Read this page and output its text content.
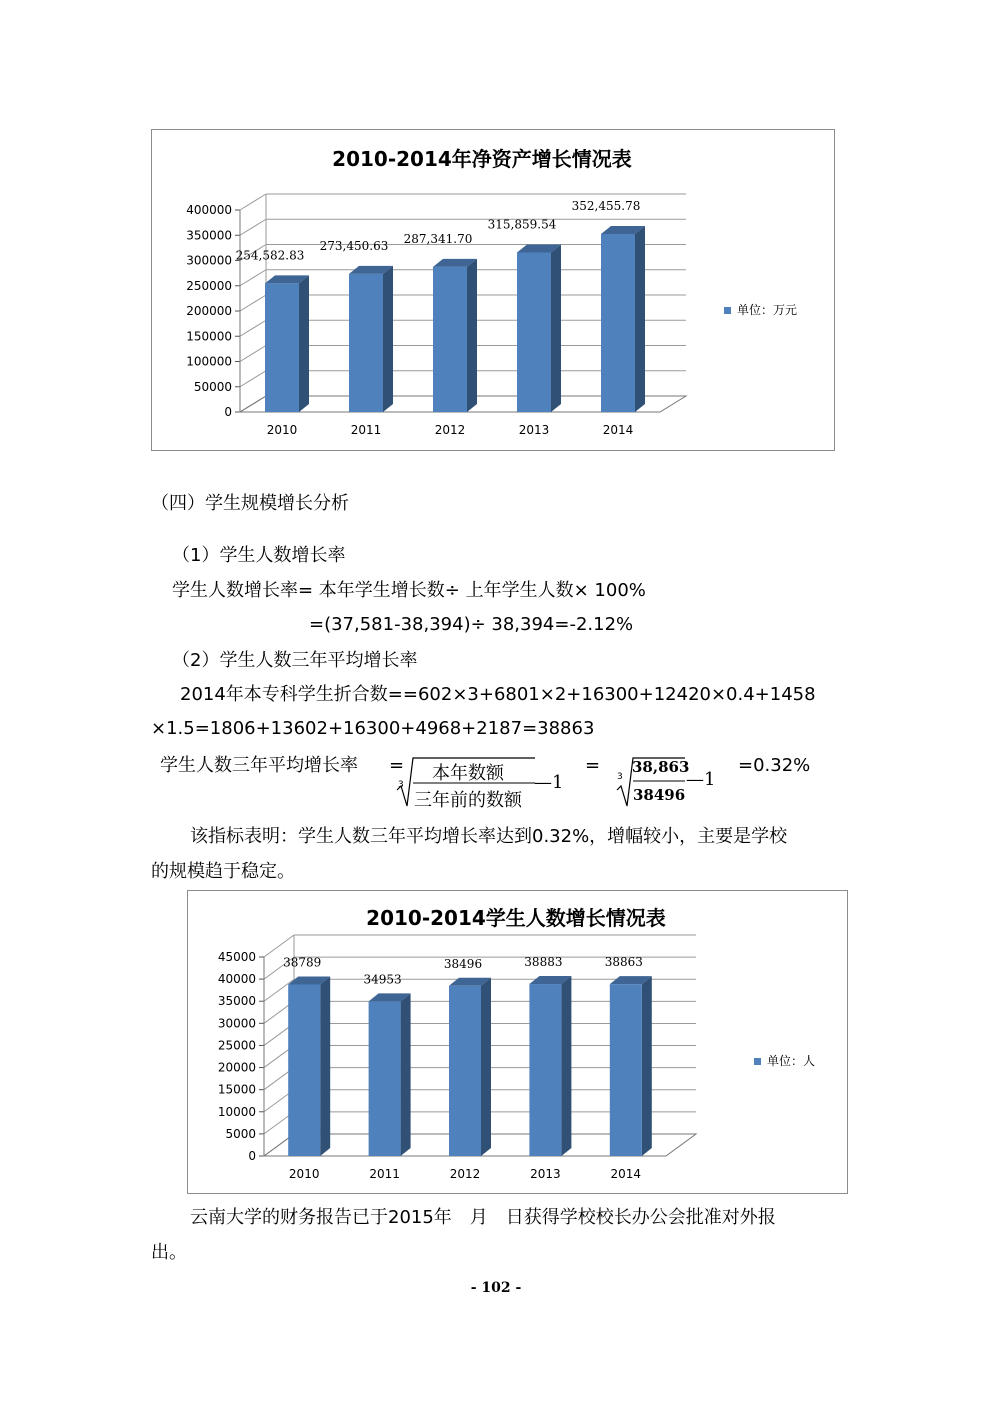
2010-2014年净资产增长情况表
0
50000
100000
150000
200000
250000
300000
350000
400000
254,582.83
2010
273,450.63
2011
287,341.70
2012
315,859.54
2013
352,455.78
2014
单位：万元
（四）学生规模增长分析
（1）学生人数增长率
学生人数增长率= 本年学生增长数÷ 上年学生人数× 100%
=(37,581-38,394)÷ 38,394=-2.12%
（2）学生人数三年平均增长率
2014年本专科学生折合数==602×3+6801×2+16300+12420×0.4+1458
×1.5=1806+13602+16300+4968+2187=38863
学生人数三年平均增长率 =
3
本年数额
三年前的数额
—1
=
3
38,863
38496
—1
=0.32%
该指标表明：学生人数三年平均增长率达到0.32%，增幅较小，主要是学校
的规模趋于稳定。
2010-2014学生人数增长情况表
0
5000
10000
15000
20000
25000
30000
35000
40000
45000 38789
2010
34953
2011
38496
2012
38883
2013
38863
2014
单位：人
云南大学的财务报告已于2015年　月　日获得学校校长办公会批准对外报
出。
- 102 -
